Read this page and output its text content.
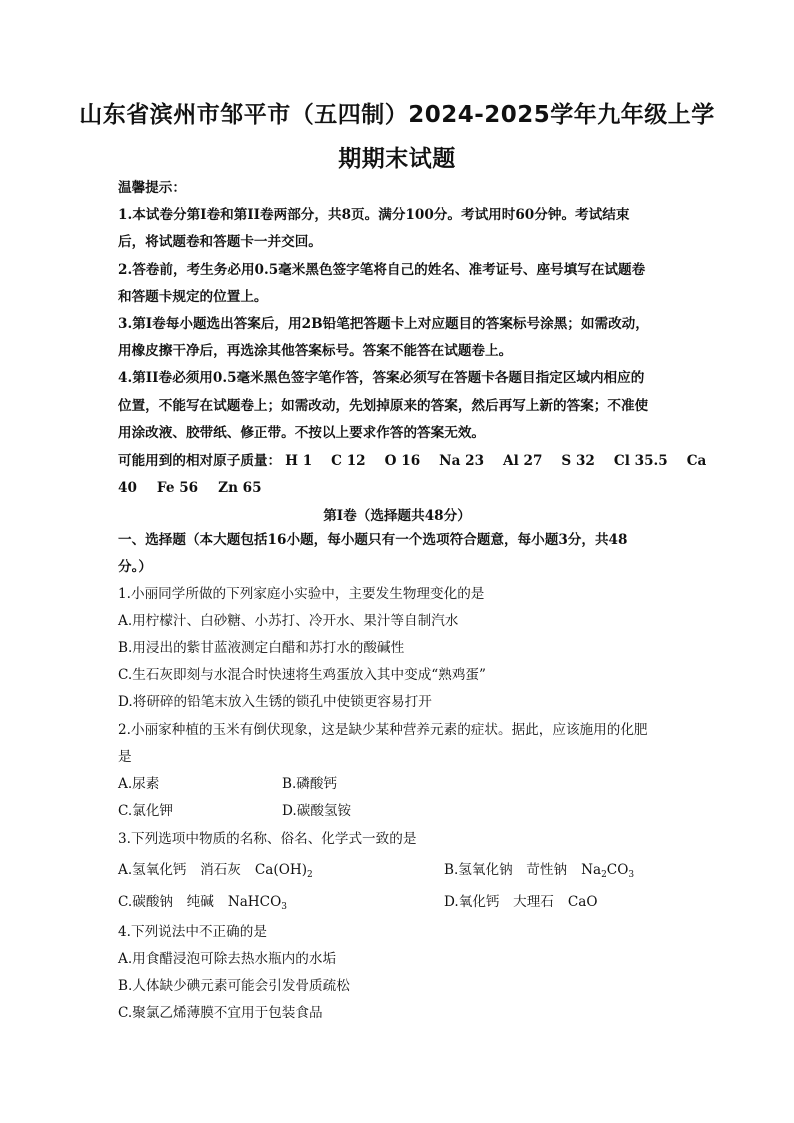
山东省滨州市邹平市（五四制）2024-2025学年九年级上学
期期末试题
温馨提示：
1.本试卷分第I卷和第II卷两部分，共8页。满分100分。考试用时60分钟。考试结束
后，将试题卷和答题卡一并交回。
2.答卷前，考生务必用0.5毫米黑色签字笔将自己的姓名、准考证号、座号填写在试题卷
和答题卡规定的位置上。
3.第I卷每小题选出答案后，用2B铅笔把答题卡上对应题目的答案标号涂黑；如需改动，
用橡皮擦干净后，再选涂其他答案标号。答案不能答在试题卷上。
4.第II卷必须用0.5毫米黑色签字笔作答，答案必须写在答题卡各题目指定区域内相应的
位置，不能写在试题卷上；如需改动，先划掉原来的答案，然后再写上新的答案；不准使
用涂改液、胶带纸、修正带。不按以上要求作答的答案无效。
可能用到的相对原子质量： H 1 C 12 O 16 Na 23 Al 27 S 32 Cl 35.5 Ca
40 Fe 56 Zn 65
第I卷（选择题共48分）
一、选择题（本大题包括16小题，每小题只有一个选项符合题意，每小题3分，共48
分。）
1.小丽同学所做的下列家庭小实验中，主要发生物理变化的是
A.用柠檬汁、白砂糖、小苏打、冷开水、果汁等自制汽水
B.用浸出的紫甘蓝液测定白醋和苏打水的酸碱性
C.生石灰即刻与水混合时快速将生鸡蛋放入其中变成“熟鸡蛋”
D.将研碎的铅笔末放入生锈的锁孔中使锁更容易打开
2.小丽家种植的玉米有倒伏现象，这是缺少某种营养元素的症状。据此，应该施用的化肥
是
A.尿素	B.磷酸钙
C.氯化钾	D.碳酸氢铵
3.下列选项中物质的名称、俗名、化学式一致的是
A.氢氧化钙　消石灰 $Ca(OH)_2$	B.氢氧化钠　苛性钠 $Na_2CO_3$
C.碳酸钠　纯碱 NaHCO$_3$	D.氧化钙　大理石 CaO
4.下列说法中不正确的是
A.用食醋浸泡可除去热水瓶内的水垢
B.人体缺少碘元素可能会引发骨质疏松
C.聚氯乙烯薄膜不宜用于包装食品
